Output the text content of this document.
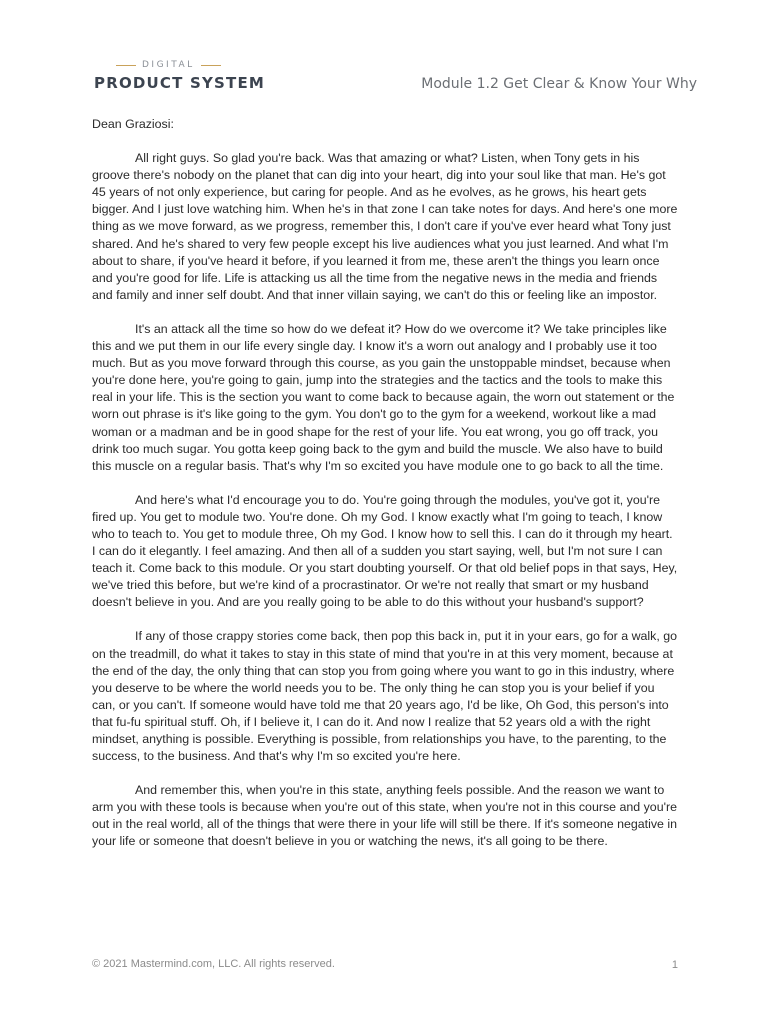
DIGITAL
PRODUCT SYSTEM	Module 1.2 Get Clear & Know Your Why

Dean Graziosi:

All right guys. So glad you're back. Was that amazing or what? Listen, when Tony gets in his groove there's nobody on the planet that can dig into your heart, dig into your soul like that man. He's got 45 years of not only experience, but caring for people. And as he evolves, as he grows, his heart gets bigger. And I just love watching him. When he's in that zone I can take notes for days. And here's one more thing as we move forward, as we progress, remember this, I don't care if you've ever heard what Tony just shared. And he's shared to very few people except his live audiences what you just learned. And what I'm about to share, if you've heard it before, if you learned it from me, these aren't the things you learn once and you're good for life. Life is attacking us all the time from the negative news in the media and friends and family and inner self doubt. And that inner villain saying, we can't do this or feeling like an impostor.

It's an attack all the time so how do we defeat it? How do we overcome it? We take principles like this and we put them in our life every single day. I know it's a worn out analogy and I probably use it too much. But as you move forward through this course, as you gain the unstoppable mindset, because when you're done here, you're going to gain, jump into the strategies and the tactics and the tools to make this real in your life. This is the section you want to come back to because again, the worn out statement or the worn out phrase is it's like going to the gym. You don't go to the gym for a weekend, workout like a mad woman or a madman and be in good shape for the rest of your life. You eat wrong, you go off track, you drink too much sugar. You gotta keep going back to the gym and build the muscle. We also have to build this muscle on a regular basis. That's why I'm so excited you have module one to go back to all the time.

And here's what I'd encourage you to do. You're going through the modules, you've got it, you're fired up. You get to module two. You're done. Oh my God. I know exactly what I'm going to teach, I know who to teach to. You get to module three, Oh my God. I know how to sell this. I can do it through my heart. I can do it elegantly. I feel amazing. And then all of a sudden you start saying, well, but I'm not sure I can teach it. Come back to this module. Or you start doubting yourself. Or that old belief pops in that says, Hey, we've tried this before, but we're kind of a procrastinator. Or we're not really that smart or my husband doesn't believe in you. And are you really going to be able to do this without your husband's support?

If any of those crappy stories come back, then pop this back in, put it in your ears, go for a walk, go on the treadmill, do what it takes to stay in this state of mind that you're in at this very moment, because at the end of the day, the only thing that can stop you from going where you want to go in this industry, where you deserve to be where the world needs you to be. The only thing he can stop you is your belief if you can, or you can't. If someone would have told me that 20 years ago, I'd be like, Oh God, this person's into that fu-fu spiritual stuff. Oh, if I believe it, I can do it. And now I realize that 52 years old a with the right mindset, anything is possible. Everything is possible, from relationships you have, to the parenting, to the success, to the business. And that's why I'm so excited you're here.

And remember this, when you're in this state, anything feels possible. And the reason we want to arm you with these tools is because when you're out of this state, when you're not in this course and you're out in the real world, all of the things that were there in your life will still be there. If it's someone negative in your life or someone that doesn't believe in you or watching the news, it's all going to be there.

© 2021 Mastermind.com, LLC. All rights reserved.	1
